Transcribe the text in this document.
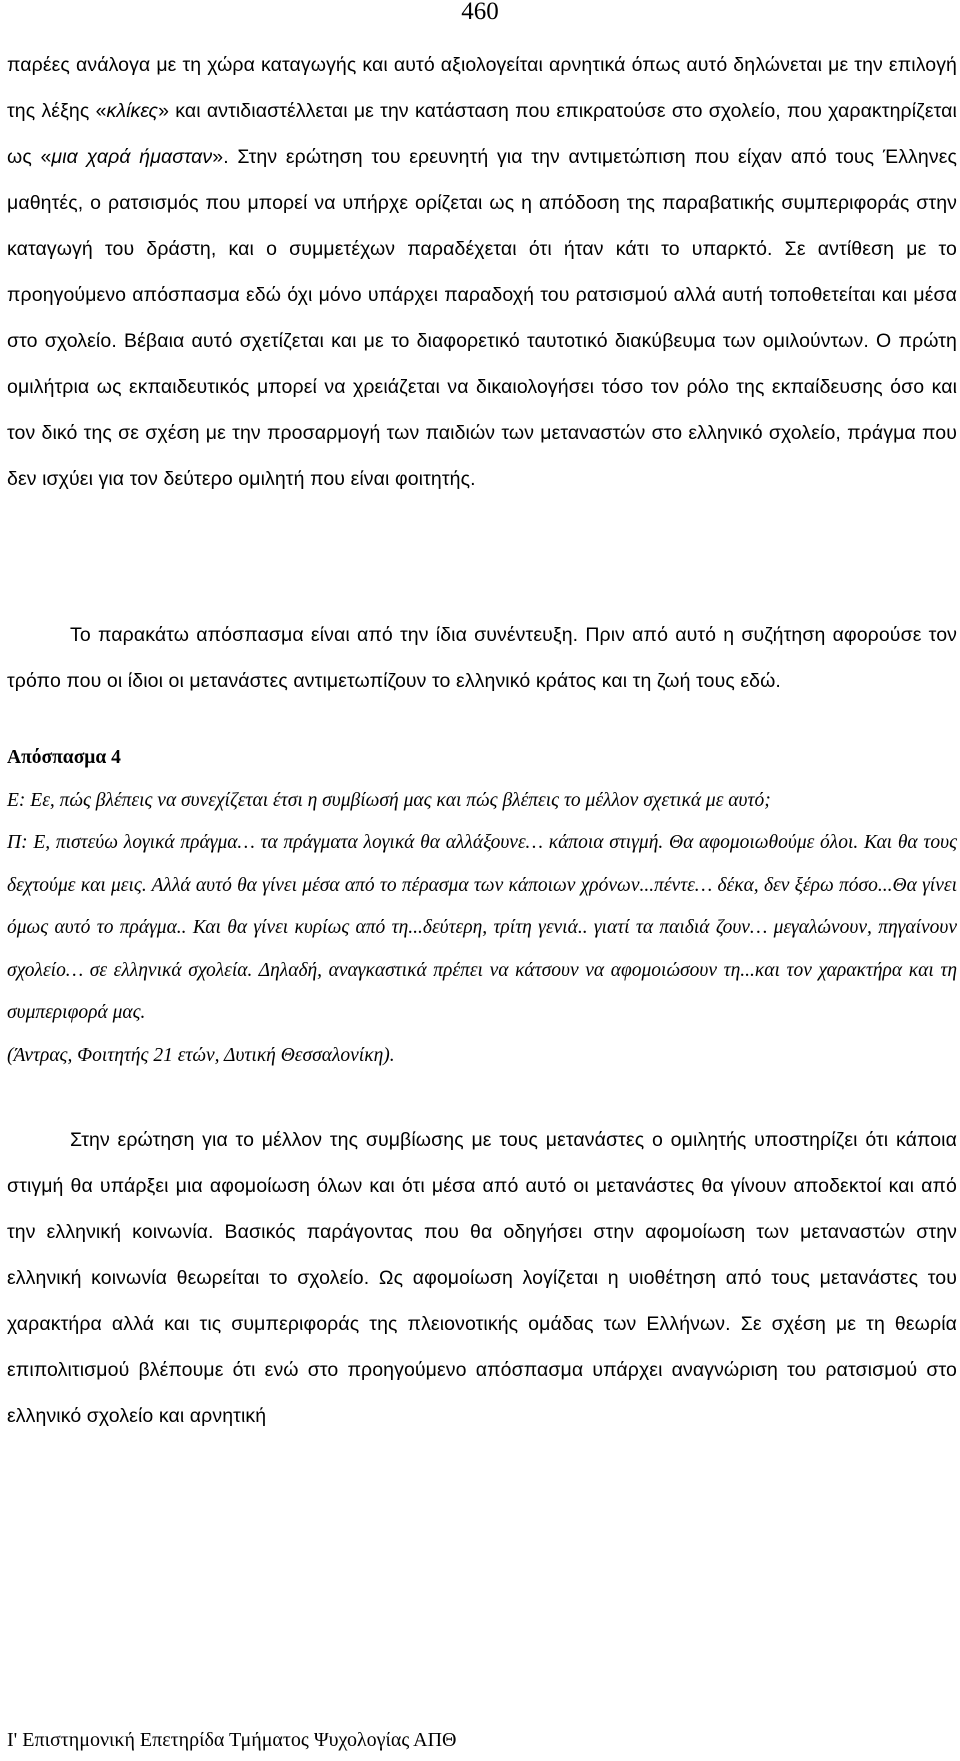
460

παρέες ανάλογα με τη χώρα καταγωγής και αυτό αξιολογείται αρνητικά όπως αυτό δηλώνεται με την επιλογή της λέξης «κλίκες» και αντιδιαστέλλεται με την κατάσταση που επικρατούσε στο σχολείο, που χαρακτηρίζεται ως «μια χαρά ήμασταν». Στην ερώτηση του ερευνητή για την αντιμετώπιση που είχαν από τους Έλληνες μαθητές, ο ρατσισμός που μπορεί να υπήρχε ορίζεται ως η απόδοση της παραβατικής συμπεριφοράς στην καταγωγή του δράστη, και ο συμμετέχων παραδέχεται ότι ήταν κάτι το υπαρκτό. Σε αντίθεση με το προηγούμενο απόσπασμα εδώ όχι μόνο υπάρχει παραδοχή του ρατσισμού αλλά αυτή τοποθετείται και μέσα στο σχολείο. Βέβαια αυτό σχετίζεται και με το διαφορετικό ταυτοτικό διακύβευμα των ομιλούντων. Ο πρώτη ομιλήτρια ως εκπαιδευτικός μπορεί να χρειάζεται να δικαιολογήσει τόσο τον ρόλο της εκπαίδευσης όσο και τον δικό της σε σχέση με την προσαρμογή των παιδιών των μεταναστών στο ελληνικό σχολείο, πράγμα που δεν ισχύει για τον δεύτερο ομιλητή που είναι φοιτητής.

Το παρακάτω απόσπασμα είναι από την ίδια συνέντευξη. Πριν από αυτό η συζήτηση αφορούσε τον τρόπο που οι ίδιοι οι μετανάστες αντιμετωπίζουν το ελληνικό κράτος και τη ζωή τους εδώ.

Απόσπασμα 4

Ε: Εε, πώς βλέπεις να συνεχίζεται έτσι η συμβίωσή μας και πώς βλέπεις το μέλλον σχετικά με αυτό;

Π: Ε, πιστεύω λογικά πράγμα… τα πράγματα λογικά θα αλλάξουνε… κάποια στιγμή. Θα αφομοιωθούμε όλοι. Και θα τους δεχτούμε και μεις. Αλλά αυτό θα γίνει μέσα από το πέρασμα των κάποιων χρόνων...πέντε… δέκα, δεν ξέρω πόσο...Θα γίνει όμως αυτό το πράγμα.. Και θα γίνει κυρίως από τη...δεύτερη, τρίτη γενιά.. γιατί τα παιδιά ζουν… μεγαλώνουν, πηγαίνουν σχολείο… σε ελληνικά σχολεία. Δηλαδή, αναγκαστικά πρέπει να κάτσουν να αφομοιώσουν τη...και τον χαρακτήρα και τη συμπεριφορά μας.

(Άντρας, Φοιτητής 21 ετών, Δυτική Θεσσαλονίκη).

Στην ερώτηση για το μέλλον της συμβίωσης με τους μετανάστες ο ομιλητής υποστηρίζει ότι κάποια στιγμή θα υπάρξει μια αφομοίωση όλων και ότι μέσα από αυτό οι μετανάστες θα γίνουν αποδεκτοί και από την ελληνική κοινωνία. Βασικός παράγοντας που θα οδηγήσει στην αφομοίωση των μεταναστών στην ελληνική κοινωνία θεωρείται το σχολείο. Ως αφομοίωση λογίζεται η υιοθέτηση από τους μετανάστες του χαρακτήρα αλλά και τις συμπεριφοράς της πλειονοτικής ομάδας των Ελλήνων. Σε σχέση με τη θεωρία επιπολιτισμού βλέπουμε ότι ενώ στο προηγούμενο απόσπασμα υπάρχει αναγνώριση του ρατσισμού στο ελληνικό σχολείο και αρνητική

Ι' Επιστημονική Επετηρίδα Τμήματος Ψυχολογίας ΑΠΘ
